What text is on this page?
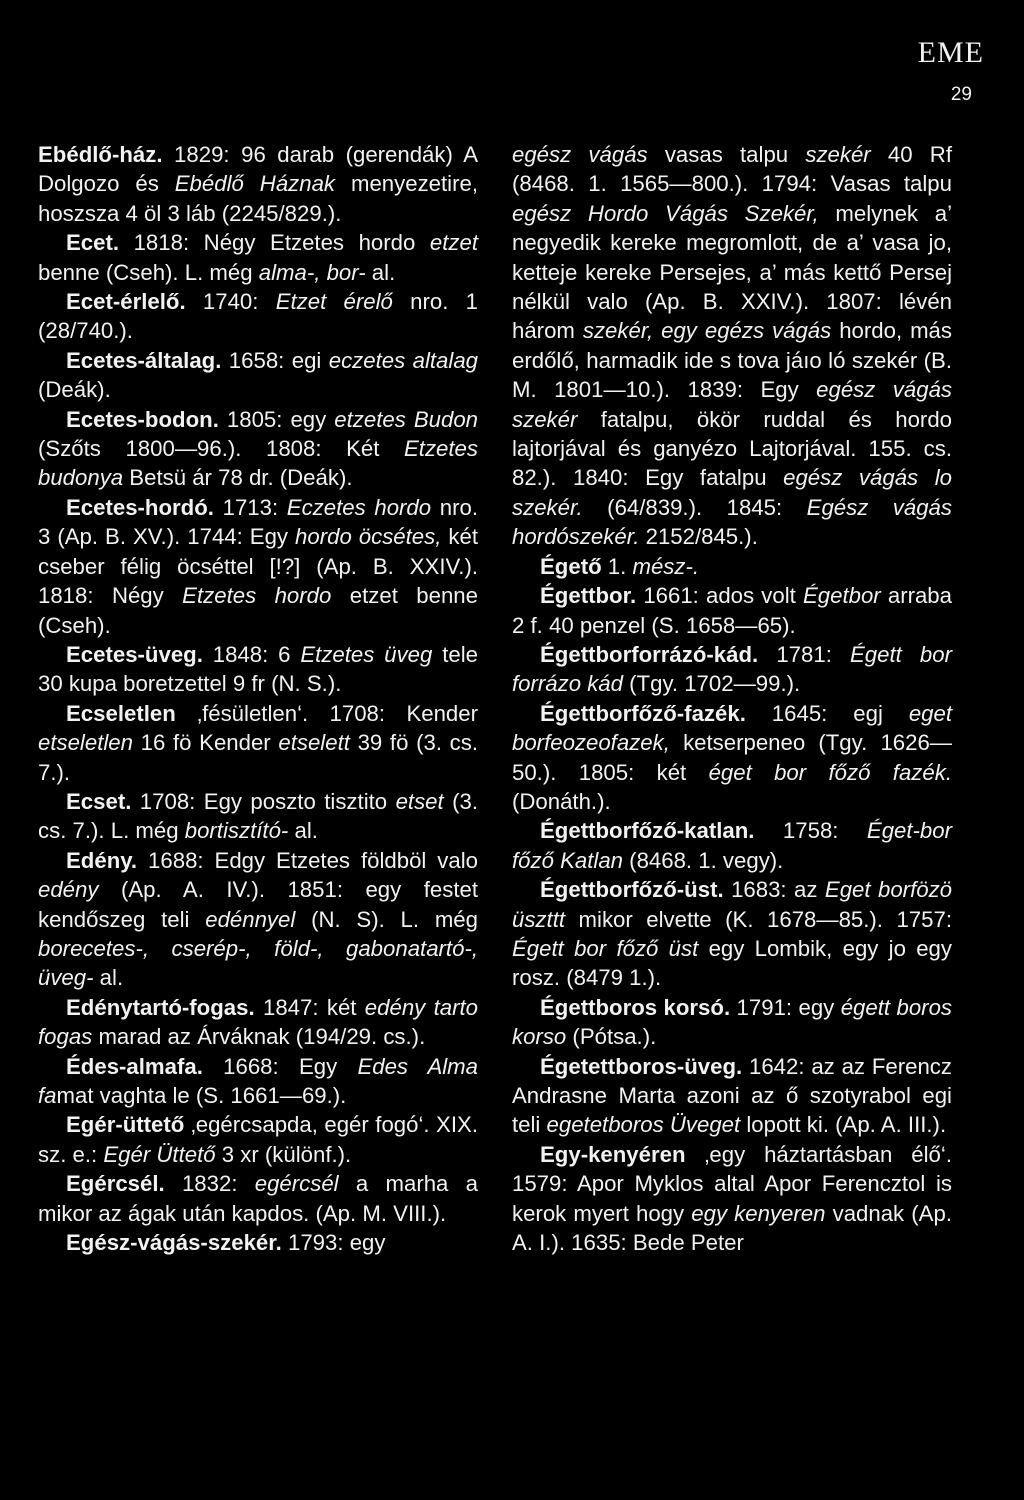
EME
29

Ebédlő-ház. 1829: 96 darab (gerendák) A Dolgozo és Ebédlő Háznak menyezetire, hoszsza 4 öl 3 láb (2245/829.).

Ecet. 1818: Négy Etzetes hordo etzet benne (Cseh). L. még alma-, bor- al.

Ecet-érlelő. 1740: Etzet érelő nro. 1 (28/740.).

Ecetes-általag. 1658: egi eczetes altalag (Deák).

Ecetes-bodon. 1805: egy etzetes Budon (Szőts 1800—96.). 1808: Két Etzetes budonya Betsü ár 78 dr. (Deák).

Ecetes-hordó. 1713: Eczetes hordo nro. 3 (Ap. B. XV.). 1744: Egy hordo öcsétes, két cseber félig öcséttel [!?] (Ap. B. XXIV.). 1818: Négy Etzetes hordo etzet benne (Cseh).

Ecetes-üveg. 1848: 6 Etzetes üveg tele 30 kupa boretzettel 9 fr (N. S.).

Ecseletlen ‚fésületlen‘. 1708: Kender etseletlen 16 fö Kender etselett 39 fö (3. cs. 7.).

Ecset. 1708: Egy poszto tisztito etset (3. cs. 7.). L. még bortisztító- al.

Edény. 1688: Edgy Etzetes földböl valo edény (Ap. A. IV.). 1851: egy festet kendőszeg teli edénnyel (N. S). L. még borecetes-, cserép-, föld-, gabonatartó-, üveg- al.

Edénytartó-fogas. 1847: két edény tarto fogas marad az Árváknak (194/29. cs.).

Édes-almafa. 1668: Egy Edes Alma famat vaghta le (S. 1661—69.).

Egér-üttető ‚egércsapda, egér fogó‘. XIX. sz. e.: Egér Üttető 3 xr (különf.).

Egércsél. 1832: egércsél a marha a mikor az ágak után kapdos. (Ap. M. VIII.).

Egész-vágás-szekér. 1793: egy

egész vágás vasas talpu szekér 40 Rf (8468. 1. 1565—800.). 1794: Vasas talpu egész Hordo Vágás Szekér, melynek a’ negyedik kereke megromlott, de a’ vasa jo, ketteje kereke Persejes, a’ más kettő Persej nélkül valo (Ap. B. XXIV.). 1807: lévén három szekér, egy egézs vágás hordo, más erdőlő, harmadik ide s tova jáıo ló szekér (B. M. 1801—10.). 1839: Egy egész vágás szekér fatalpu, ökör ruddal és hordo lajtorjával és ganyézo Lajtorjával. 155. cs. 82.). 1840: Egy fatalpu egész vágás lo szekér. (64/839.). 1845: Egész vágás hordószekér. 2152/845.).

Égető 1. mész-.

Égettbor. 1661: ados volt Égetbor arraba 2 f. 40 penzel (S. 1658—65).

Égettborforrázó-kád. 1781: Égett bor forrázo kád (Tgy. 1702—99.).

Égettborfőző-fazék. 1645: egj eget borfeozeofazek, ketserpeneo (Tgy. 1626—50.). 1805: két éget bor főző fazék. (Donáth.).

Égettborfőző-katlan. 1758: Éget-bor főző Katlan (8468. 1. vegy).

Égettborfőző-üst. 1683: az Eget borfözö üszttt mikor elvette (K. 1678—85.). 1757: Égett bor főző üst egy Lombik, egy jo egy rosz. (8479 1.).

Égettboros korsó. 1791: egy égett boros korso (Pótsa.).

Égetettboros-üveg. 1642: az az Ferencz Andrasne Marta azoni az ő szotyrabol egi teli egetetboros Üveget lopott ki. (Ap. A. III.).

Egy-kenyéren ‚egy háztartásban élő‘. 1579: Apor Myklos altal Apor Ferencztol is kerok myert hogy egy kenyeren vadnak (Ap. A. I.). 1635: Bede Peter
